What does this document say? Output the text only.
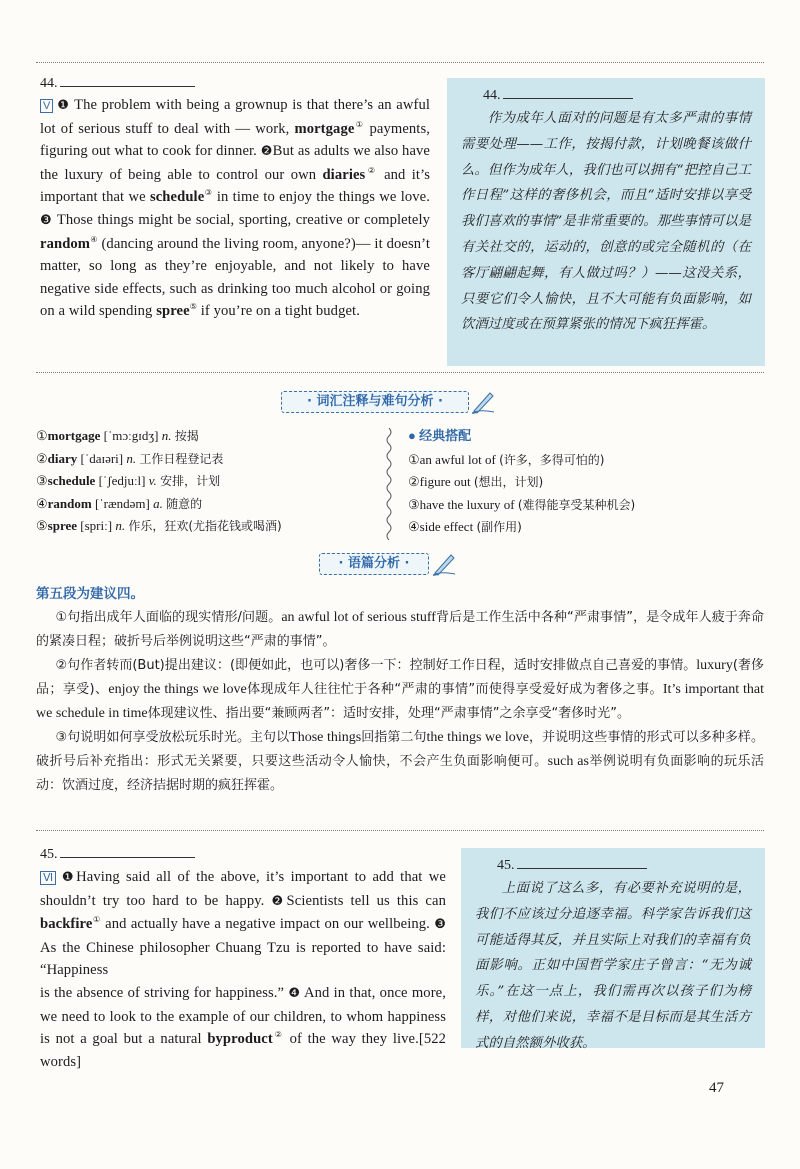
44.
V ❶ The problem with being a grownup is that there’s an awful lot of serious stuff to deal with — work, mortgage① payments, figuring out what to cook for dinner. ❷But as adults we also have the luxury of being able to control our own diaries② and it’s important that we schedule③ in time to enjoy the things we love. ❸ Those things might be social, sporting, creative or completely random④ (dancing around the living room, anyone?)— it doesn’t matter, so long as they’re enjoyable, and not likely to have negative side effects, such as drinking too much alcohol or going on a wild spending spree⑤ if you’re on a tight budget.
44.
作为成年人面对的问题是有太多严肃的事情需要处理——工作，按揭付款，计划晚餐该做什么。但作为成年人，我们也可以拥有“把控自己工作日程”这样的奢侈机会，而且“适时安排以享受我们喜欢的事情”是非常重要的。那些事情可以是有关社交的，运动的，创意的或完全随机的（在客厅翩翩起舞，有人做过吗？）——这没关系，只要它们令人愉快，且不大可能有负面影响，如饮酒过度或在预算紧张的情况下疯狂挥霍。
· 词汇注释与难句分析 ·
①mortgage [ˈmɔːgɪdʒ] n. 按揭
②diary [ˈdaɪəri] n. 工作日程登记表
③schedule [ˈʃedjuːl] v. 安排，计划
④random [ˈrændəm] a. 随意的
⑤spree [spriː] n. 作乐，狂欢(尤指花钱或喝酒)
● 经典搭配
①an awful lot of (许多，多得可怕的)
②figure out (想出，计划)
③have the luxury of (难得能享受某种机会)
④side effect (副作用)
· 语篇分析 ·
第五段为建议四。

①句指出成年人面临的现实情形/问题。an awful lot of serious stuff背后是工作生活中各种“严肃事情”，是令成年人疲于奔命的紧凑日程；破折号后举例说明这些“严肃的事情”。

②句作者转而(But)提出建议：(即便如此，也可以)奢侈一下：控制好工作日程，适时安排做点自己喜爱的事情。luxury(奢侈品；享受)、enjoy the things we love体现成年人往往忙于各种“严肃的事情”而使得享受爱好成为奢侈之事。It’s important that we schedule in time体现建议性、指出要“兼顾两者”：适时安排，处理“严肃事情”之余享受“奢侈时光”。

③句说明如何享受放松玩乐时光。主句以Those things回指第二句the things we love，并说明这些事情的形式可以多种多样。破折号后补充指出：形式无关紧要，只要这些活动令人愉快，不会产生负面影响便可。such as举例说明有负面影响的玩乐活动：饮酒过度，经济拮据时期的疯狂挥霍。

45.
Ⅵ ❶Having said all of the above, it’s important to add that we shouldn’t try too hard to be happy. ❷Scientists tell us this can backfire① and actually have a negative impact on our wellbeing. ❸ As the Chinese philosopher Chuang Tzu is reported to have said: “Happiness
is the absence of striving for happiness.” ❹ And in that, once more, we need to look to the example of our children, to whom happiness is not a goal but a natural byproduct② of the way they live.[522 words]
45.
上面说了这么多，有必要补充说明的是，我们不应该过分追逐幸福。科学家告诉我们这可能适得其反，并且实际上对我们的幸福有负面影响。正如中国哲学家庄子曾言：“无为诚乐。”在这一点上，我们需再次以孩子们为榜样，对他们来说，幸福不是目标而是其生活方式的自然额外收获。
47
